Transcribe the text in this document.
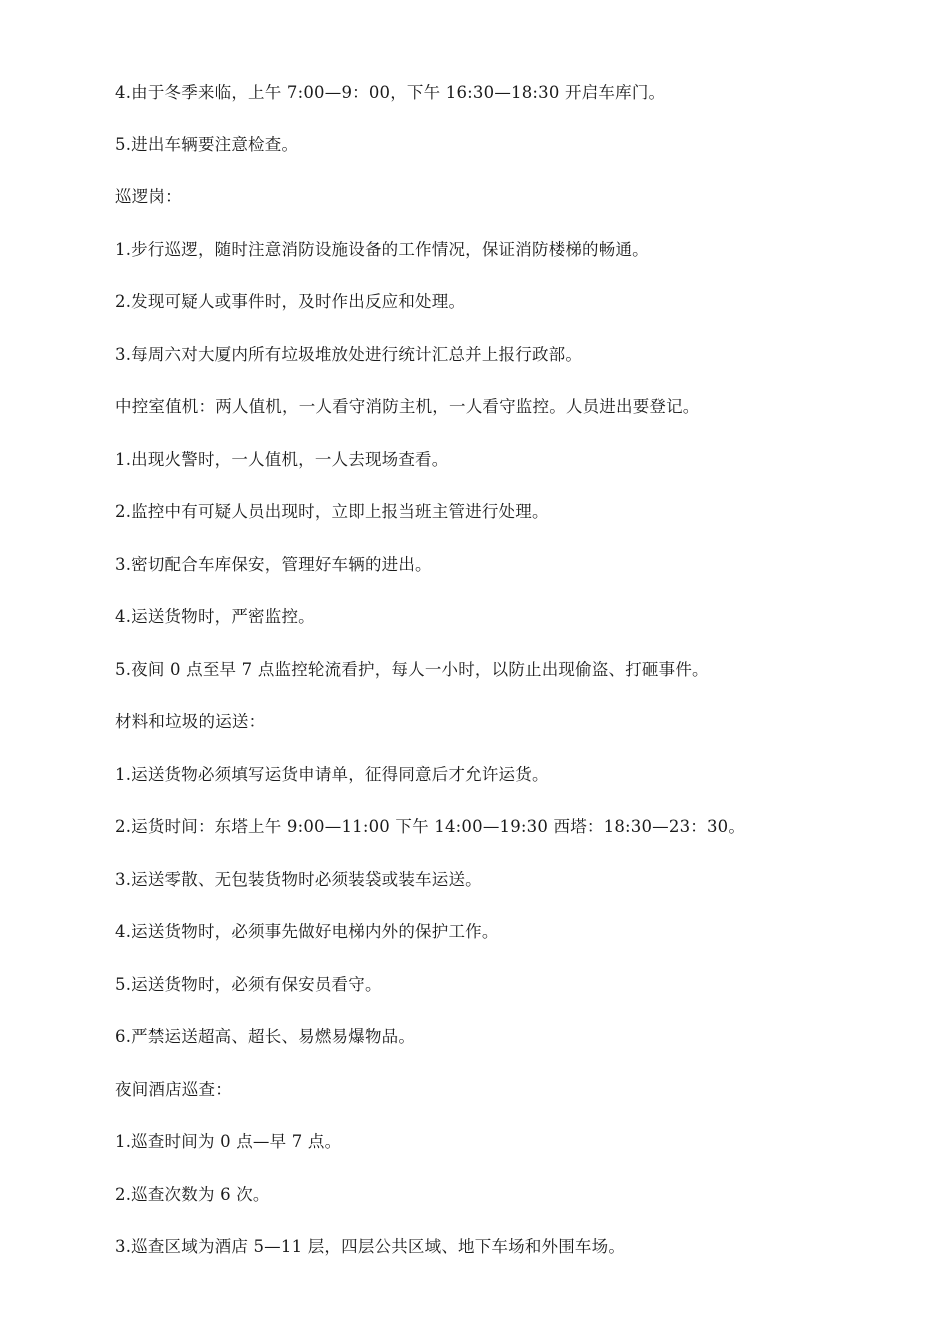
4.由于冬季来临，上午 7:00—9：00，下午 16:30—18:30 开启车库门。

5.进出车辆要注意检查。

巡逻岗：

1.步行巡逻，随时注意消防设施设备的工作情况，保证消防楼梯的畅通。

2.发现可疑人或事件时，及时作出反应和处理。

3.每周六对大厦内所有垃圾堆放处进行统计汇总并上报行政部。

中控室值机：两人值机，一人看守消防主机，一人看守监控。人员进出要登记。

1.出现火警时，一人值机，一人去现场查看。

2.监控中有可疑人员出现时，立即上报当班主管进行处理。

3.密切配合车库保安，管理好车辆的进出。

4.运送货物时，严密监控。

5.夜间 0 点至早 7 点监控轮流看护，每人一小时，以防止出现偷盗、打砸事件。

材料和垃圾的运送：

1.运送货物必须填写运货申请单，征得同意后才允许运货。

2.运货时间：东塔上午 9:00—11:00 下午 14:00—19:30 西塔：18:30—23：30。

3.运送零散、无包装货物时必须装袋或装车运送。

4.运送货物时，必须事先做好电梯内外的保护工作。

5.运送货物时，必须有保安员看守。

6.严禁运送超高、超长、易燃易爆物品。

夜间酒店巡查：

1.巡查时间为 0 点—早 7 点。

2.巡查次数为 6 次。

3.巡查区域为酒店 5—11 层，四层公共区域、地下车场和外围车场。
